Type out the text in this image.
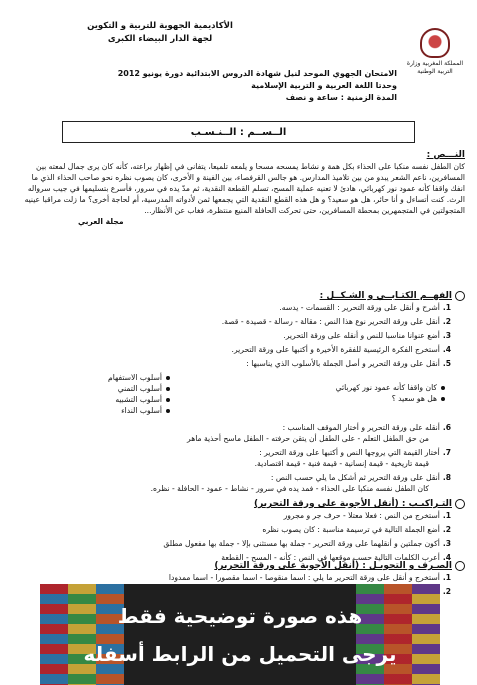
المملكة المغربية وزارة التربية الوطنية
الأكاديمية الجهوية للتربية و التكوين
لجهة الدار البيضاء الكبرى
الامتحان الجهوي الموحد لنيل شهادة الدروس الابتدائية دورة يونيو 2012
وحدتا اللغة العربية و التربية الإسلامية
المدة الزمنية : ساعة و نصف
الــســم : الــنـسـب
النـــص :
كان الطفل نفسه منكبا على الحذاء بكل همة و نشاط يمسحه مسحا و يلمعه تلميعا، يتفانى في إظهار براعته، كأنه كان يرى جمال لمعته بين المسافرين، ناعم الشعر يبدو من بين تلاميذ المدارس. هو جالس القرفصاء، بين الفينة و الأخرى، كان يصوب نظره نحو صاحب الحذاء الذي ما انفك واقفا كأنه عمود نور كهربائي، هادئ لا تعنيه عملية المسح، تسلم القطعة النقدية، ثم مدّ يده في سرور، فأسرع بتسليمها في جيب سرواله الرث. كنت أتساءل و أنا حائر، هل هو سعيد؟ و هل هذه القطع النقدية التي يجمعها ثمن لأدواته المدرسية، أم لحاجة أخرى؟ ما زلت مراقبا عينيه المتجولتين في المتجمهرين بمحطة المسافرين، حتى تحركت الحافلة المنيع منتظرة، فغاب عن الأنظار...
مجلة العربي
الفهــم الكتـابــي و الشـكــل :
1.أشرح و أنقل على ورقة التحرير : القسمات - يدسه.
2.أنقل على ورقة التحرير نوع هذا النص : مقالة - رسالة - قصيدة - قصة.
3.أضع عنوانا مناسبا للنص و أنقله على ورقة التحرير.
4.أستخرج الفكرة الرئيسية للفقرة الأخيرة و أكتبها على ورقة التحرير.
5.أنقل على ورقة التحرير و أصل الجملة بالأسلوب الذي يناسبها :
كان واقفا كأنه عمود نور كهربائي
هل هو سعيد ؟
أسلوب الاستفهام
أسلوب التمني
أسلوب التشبيه
أسلوب النداء
6.أنقله على ورقة التحرير و أختار الموقف المناسب :
من حق الطفل التعلم - على الطفل أن يتقن حرفته - الطفل ماسح أحذية ماهر
7.أختار القيمة التي يروجها النص و أكتبها على ورقة التحرير :
قيمة تاريخية - قيمة إنسانية - قيمة فنية - قيمة اقتصادية.
8.أنقل على ورقة التحرير ثم أشكل ما يلي حسب النص :
كان الطفل نفسه منكبا على الحذاء - فمد يده في سرور - نشاط - عمود - الحافلة - نظره.
التـراكيـب : (أنقل الأجوبة على ورقة التحرير)
1.أستخرج من النص : فعلا معتلا - حرف جر و مجرور
2.أضع الجملة التالية في ترسيمة مناسبة : كان يصوب نظره
3.أكون جملتين و أنقلهما على ورقة التحرير - جملة بها مستثنى بإلا - جملة بها مفعول مطلق
4.أعرب الكلمات التالية حسب موقعها في النص : كأنه - المسح - القطعة
الصـرف و التحويـل : (أنقل الأجوبة على ورقة التحرير)
1.أستخرج و أنقل على ورقة التحرير ما يلي : اسما منقوصا - اسما مقصورا - اسما ممدودا
2.
هذه صورة توضيحية فقط
يرجى التحميل من الرابط أسفله
